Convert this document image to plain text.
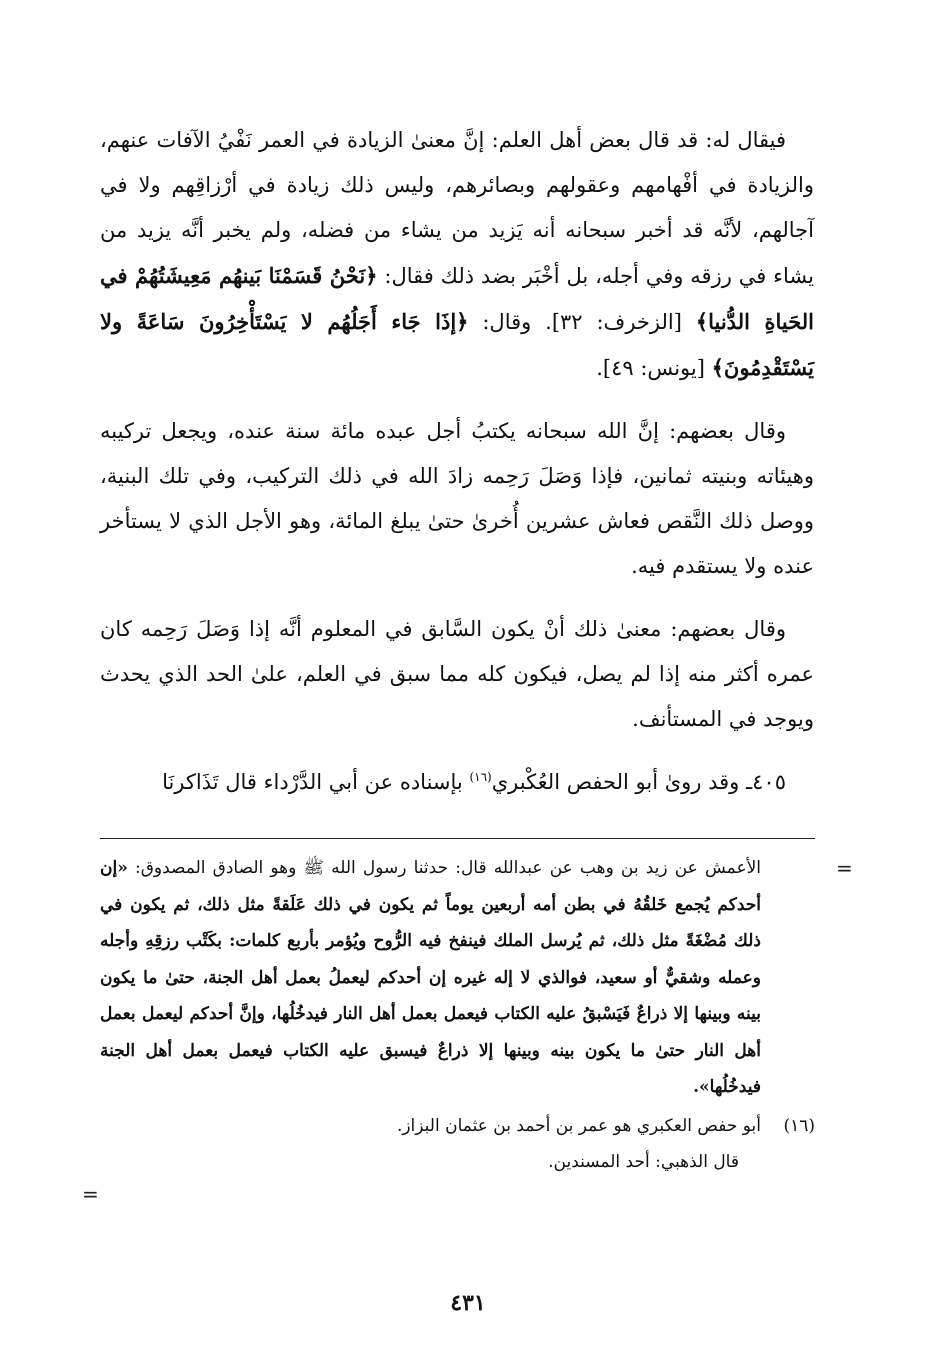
فيقال له: قد قال بعض أهل العلم: إنَّ معنىٰ الزيادة في العمر نَفْيُ الآفات عنهم، والزيادة في أفْهامهم وعقولهم وبصائرهم، وليس ذلك زيادة في أرْزاقِهم ولا في آجالهم، لأنَّه قد أخبر سبحانه أنه يَزيد من يشاء من فضله، ولم يخبر أنَّه يزيد من يشاء في رزقه وفي أجله، بل أخْبَر بضد ذلك فقال: ﴿نَحْنُ قَسَمْنَا بَينهُم مَعِيشَتُهُمْ في الحَياةِ الدُّنيا﴾ [الزخرف: ٣٢]. وقال: ﴿إذَا جَاء أَجَلُهُم لا يَسْتَأْخِرُونَ سَاعَةً ولا يَسْتَقْدِمُونَ﴾ [يونس: ٤٩].

وقال بعضهم: إنَّ الله سبحانه يكتبُ أجل عبده مائة سنة عنده، ويجعل تركيبه وهيئاته وبنيته ثمانين، فإذا وَصَلَ رَحِمه زادَ الله في ذلك التركيب، وفي تلك البنية، ووصل ذلك النَّقص فعاش عشرين أُخرىٰ حتىٰ يبلغ المائة، وهو الأجل الذي لا يستأخر عنده ولا يستقدم فيه.

وقال بعضهم: معنىٰ ذلك أنْ يكون السَّابق في المعلوم أنَّه إذا وَصَلَ رَحِمه كان عمره أكثر منه إذا لم يصل، فيكون كله مما سبق في العلم، علىٰ الحد الذي يحدث ويوجد في المستأنف.

٤٠٥ـ وقد روىٰ أبو الحفص العُكْبري$^{(١٦)}$ بإسناده عن أبي الدَّرْداء قال تَذَاكرنَا

=
=

الأعمش عن زيد بن وهب عن عبدالله قال: حدثنا رسول الله ﷺ وهو الصادق المصدوق: «إن أحدكم يُجمع خَلقُهُ في بطن أمه أربعين يوماً ثم يكون في ذلك عَلَقةً مثل ذلك، ثم يكون في ذلك مُضْغَةً مثل ذلك، ثم يُرسل الملك فينفخ فيه الرُّوح ويُؤمر بأربع كلمات: بكَتْب رزقِهِ وأجله وعمله وشقيٌّ أو سعيد، فوالذي لا إله غيره إن أحدكم ليعملُ بعمل أهل الجنة، حتىٰ ما يكون بينه وبينها إلا ذراعٌ فَيَسْبقُ عليه الكتاب فيعمل بعمل أهل النار فيدخُلُها، وإنَّ أحدكم ليعمل بعمل أهل النار حتىٰ ما يكون بينه وبينها إلا ذراعٌ فيسبق عليه الكتاب فيعمل بعمل أهل الجنة فيدخُلُها».

(١٦)

أبو حفص العكبري هو عمر بن أحمد بن عثمان البزاز.

قال الذهبي: أحد المسندين.

٤٣١
